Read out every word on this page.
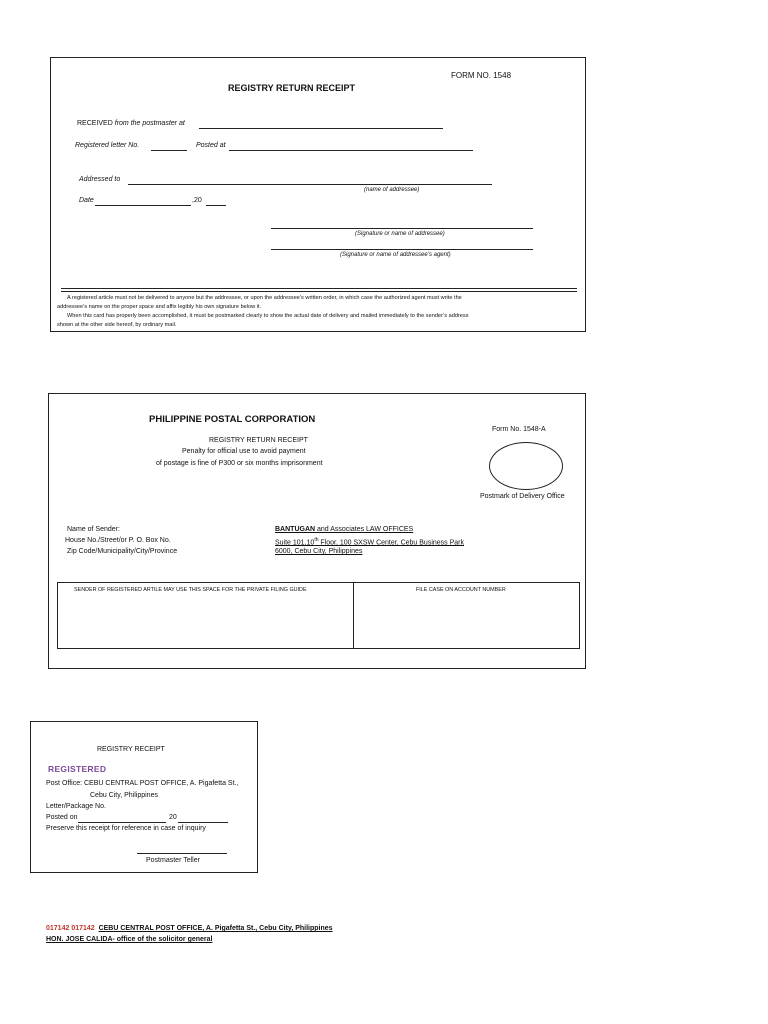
FORM NO. 1548
REGISTRY RETURN RECEIPT
RECEIVED from the postmaster at
Registered letter No.	Posted at
Addressed to
(name of addressee)
Date	,20
(Signature or name of addressee)
(Signature or name of addressee’s agent)
A registered article must not be delivered to anyone but the addressee, or upon the addressee’s written order, in which case the authorized agent must write the
addressee’s name on the proper space and affix legibly his own signature below it.
When this card has properly been accomplished, it must be postmarked clearly to show the actual date of delivery and mailed immediately to the sender’s address
shown at the other side hereof, by ordinary mail.
PHILIPPINE POSTAL CORPORATION
Form No. 1548-A
REGISTRY RETURN RECEIPT
Penalty for official use to avoid payment
of postage is fine of P300 or six months imprisonment
Postmark of Delivery Office
Name of Sender:
House No./Street/or P. O. Box No.
Zip Code/Municipality/City/Province
BANTUGAN and Associates LAW OFFICES
Suite 101,10th Floor, 100 SXSW Center, Cebu Business Park
6000, Cebu City, Philippines
SENDER OF REGISTERED ARTILE MAY USE THIS SPACE FOR THE PRIVATE FILING GUIDE	FILE CASE ON ACCOUNT NUMBER
REGISTRY RECEIPT
REGISTERED
Post Office: CEBU CENTRAL POST OFFICE, A. Pigafetta St.,
Cebu City, Philippines
Letter/Package No.
Posted on	20
Preserve this receipt for reference in case of inquiry
Postmaster Teller
017142 017142 CEBU CENTRAL POST OFFICE, A. Pigafetta St., Cebu City, Philippines
HON. JOSE CALIDA- office of the solicitor general
